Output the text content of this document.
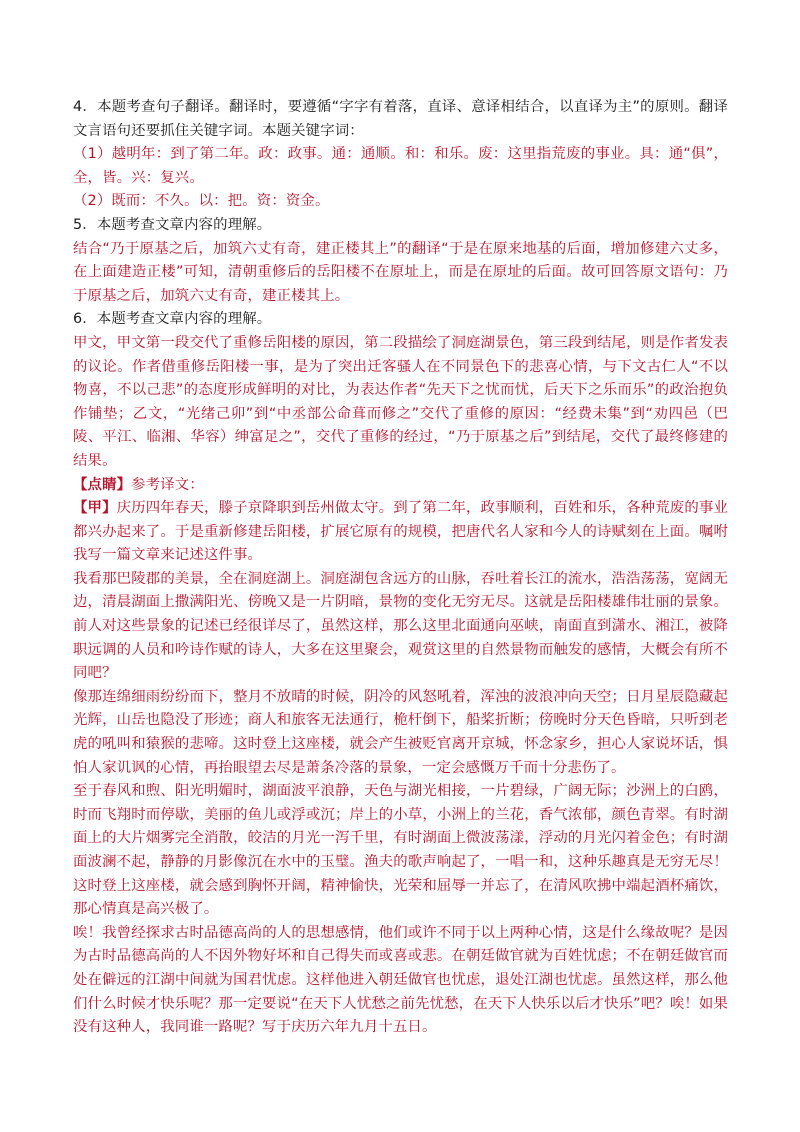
4．本题考查句子翻译。翻译时，要遵循“字字有着落，直译、意译相结合，以直译为主”的原则。翻译文言语句还要抓住关键字词。本题关键字词：

（1）越明年：到了第二年。政：政事。通：通顺。和：和乐。废：这里指荒废的事业。具：通“俱”，全，皆。兴：复兴。

（2）既而：不久。以：把。资：资金。

5．本题考查文章内容的理解。

结合“乃于原基之后，加筑六丈有奇，建正楼其上”的翻译“于是在原来地基的后面，增加修建六丈多，在上面建造正楼”可知，清朝重修后的岳阳楼不在原址上，而是在原址的后面。故可回答原文语句：乃于原基之后，加筑六丈有奇，建正楼其上。

6．本题考查文章内容的理解。

甲文，甲文第一段交代了重修岳阳楼的原因，第二段描绘了洞庭湖景色，第三段到结尾，则是作者发表的议论。作者借重修岳阳楼一事，是为了突出迁客骚人在不同景色下的悲喜心情，与下文古仁人“不以物喜，不以己悲”的态度形成鲜明的对比，为表达作者“先天下之忧而忧，后天下之乐而乐”的政治抱负作铺垫；乙文，“光绪己卯”到“中丞部公命葺而修之”交代了重修的原因：“经费未集”到“劝四邑（巴陵、平江、临湘、华容）绅富足之”，交代了重修的经过，“乃于原基之后”到结尾，交代了最终修建的结果。

【点睛】参考译文：

【甲】庆历四年春天，滕子京降职到岳州做太守。到了第二年，政事顺利，百姓和乐，各种荒废的事业都兴办起来了。于是重新修建岳阳楼，扩展它原有的规模，把唐代名人家和今人的诗赋刻在上面。嘱咐我写一篇文章来记述这件事。

我看那巴陵郡的美景，全在洞庭湖上。洞庭湖包含远方的山脉，吞吐着长江的流水，浩浩荡荡，宽阔无边，清晨湖面上撒满阳光、傍晚又是一片阴暗，景物的变化无穷无尽。这就是岳阳楼雄伟壮丽的景象。前人对这些景象的记述已经很详尽了，虽然这样，那么这里北面通向巫峡，南面直到潇水、湘江，被降职远调的人员和吟诗作赋的诗人，大多在这里聚会，观赏这里的自然景物而触发的感情，大概会有所不同吧？

像那连绵细雨纷纷而下，整月不放晴的时候，阴冷的风怒吼着，浑浊的波浪冲向天空；日月星辰隐藏起光辉，山岳也隐没了形迹；商人和旅客无法通行，桅杆倒下，船桨折断；傍晚时分天色昏暗，只听到老虎的吼叫和猿猴的悲啼。这时登上这座楼，就会产生被贬官离开京城，怀念家乡，担心人家说坏话，惧怕人家讥讽的心情，再抬眼望去尽是萧条冷落的景象，一定会感慨万千而十分悲伤了。

至于春风和煦、阳光明媚时，湖面波平浪静，天色与湖光相接，一片碧绿，广阔无际；沙洲上的白鸥，时而飞翔时而停歇，美丽的鱼儿或浮或沉；岸上的小草，小洲上的兰花，香气浓郁，颜色青翠。有时湖面上的大片烟雾完全消散，皎洁的月光一泻千里，有时湖面上微波荡漾，浮动的月光闪着金色；有时湖面波澜不起，静静的月影像沉在水中的玉璧。渔夫的歌声响起了，一唱一和，这种乐趣真是无穷无尽！这时登上这座楼，就会感到胸怀开阔，精神愉快，光荣和屈辱一并忘了，在清风吹拂中端起酒杯痛饮，那心情真是高兴极了。

唉！我曾经探求古时品德高尚的人的思想感情，他们或许不同于以上两种心情，这是什么缘故呢？是因为古时品德高尚的人不因外物好坏和自己得失而或喜或悲。在朝廷做官就为百姓忧虑；不在朝廷做官而处在僻远的江湖中间就为国君忧虑。这样他进入朝廷做官也忧虑，退处江湖也忧虑。虽然这样，那么他们什么时候才快乐呢？那一定要说“在天下人忧愁之前先忧愁，在天下人快乐以后才快乐”吧？唉！如果没有这种人，我同谁一路呢？写于庆历六年九月十五日。
